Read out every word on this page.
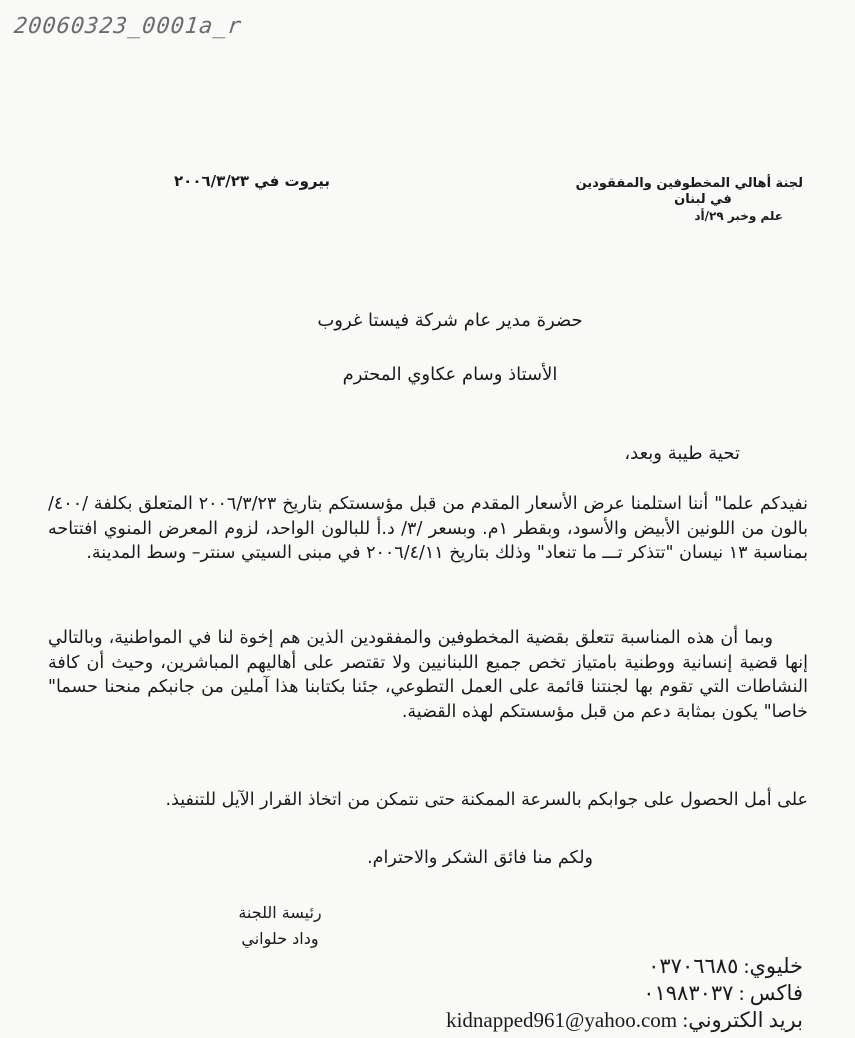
20060323_0001a_r
لجنة أهالي المخطوفين والمفقودين
في لبنان
علم وخبر ٢٩/أد
بيروت في ٢٠٠٦/٣/٢٣
حضرة مدير عام شركة فيستا غروب
الأستاذ وسام عكاوي المحترم
تحية طيبة وبعد،
نفيدكم علما" أننا استلمنا عرض الأسعار المقدم من قبل مؤسستكم بتاريخ ٢٠٠٦/٣/٢٣ المتعلق بكلفة /٤٠٠/ بالون من اللونين الأبيض والأسود، وبقطر ١م. وبسعر /٣/ د.أ للبالون الواحد، لزوم المعرض المنوي افتتاحه بمناسبة ١٣ نيسان "تتذكر تـــ ما تنعاد" وذلك بتاريخ ٢٠٠٦/٤/١١ في مبنى السيتي سنتر– وسط المدينة.
وبما أن هذه المناسبة تتعلق بقضية المخطوفين والمفقودين الذين هم إخوة لنا في المواطنية، وبالتالي إنها قضية إنسانية ووطنية بامتياز تخص جميع اللبنانيين ولا تقتصر على أهاليهم المباشرين، وحيث أن كافة النشاطات التي تقوم بها لجنتنا قائمة على العمل التطوعي، جئنا بكتابنا هذا آملين من جانبكم منحنا حسما" خاصا" يكون بمثابة دعم من قبل مؤسستكم لهذه القضية.
على أمل الحصول على جوابكم بالسرعة الممكنة حتى نتمكن من اتخاذ القرار الآيل للتنفيذ.
ولكم منا فائق الشكر والاحترام.
رئيسة اللجنة
وداد حلواني
خليوي: ٠٣٧٠٦٦٨٥
فاكس : ٠١٩٨٣٠٣٧
بريد الكتروني: kidnapped961@yahoo.com
